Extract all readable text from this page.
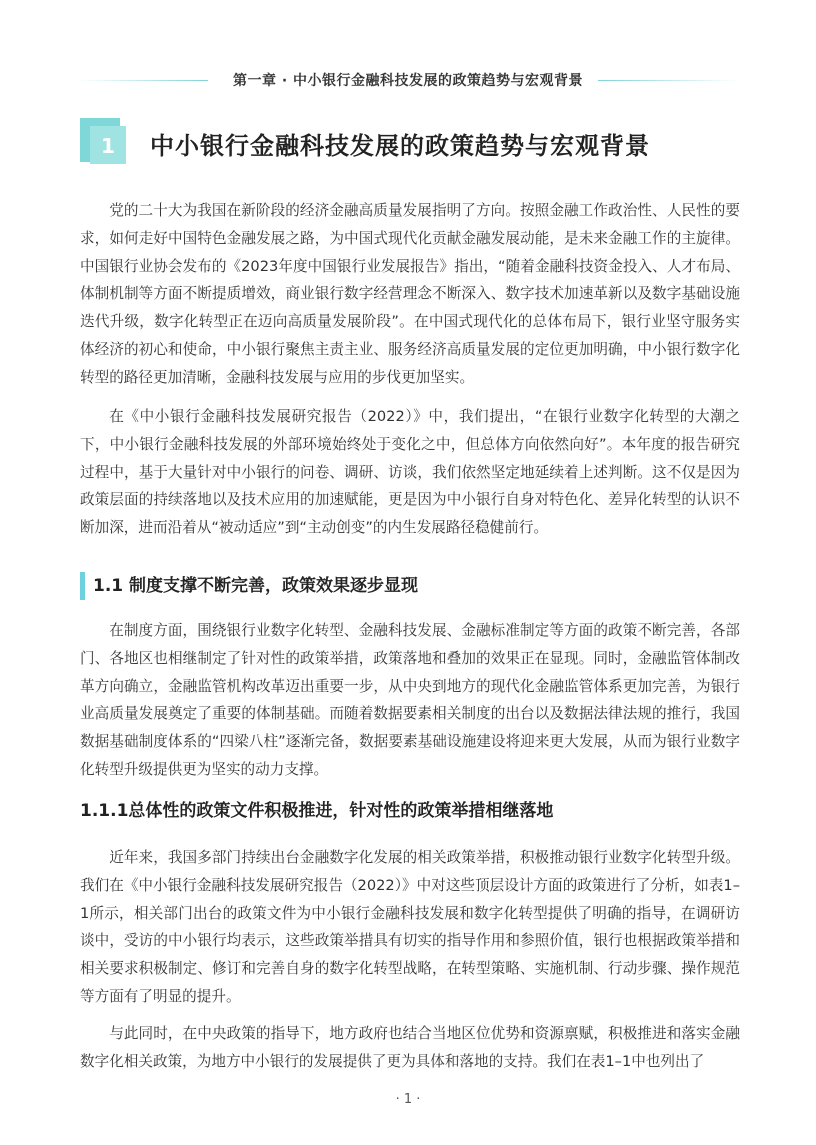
第一章 · 中小银行金融科技发展的政策趋势与宏观背景
1	中小银行金融科技发展的政策趋势与宏观背景

党的二十大为我国在新阶段的经济金融高质量发展指明了方向。按照金融工作政治性、人民性的要求，如何走好中国特色金融发展之路，为中国式现代化贡献金融发展动能，是未来金融工作的主旋律。中国银行业协会发布的《2023年度中国银行业发展报告》指出，“随着金融科技资金投入、人才布局、体制机制等方面不断提质增效，商业银行数字经营理念不断深入、数字技术加速革新以及数字基础设施迭代升级，数字化转型正在迈向高质量发展阶段”。在中国式现代化的总体布局下，银行业坚守服务实体经济的初心和使命，中小银行聚焦主责主业、服务经济高质量发展的定位更加明确，中小银行数字化转型的路径更加清晰，金融科技发展与应用的步伐更加坚实。

在《中小银行金融科技发展研究报告（2022）》中，我们提出，“在银行业数字化转型的大潮之下，中小银行金融科技发展的外部环境始终处于变化之中，但总体方向依然向好”。本年度的报告研究过程中，基于大量针对中小银行的问卷、调研、访谈，我们依然坚定地延续着上述判断。这不仅是因为政策层面的持续落地以及技术应用的加速赋能，更是因为中小银行自身对特色化、差异化转型的认识不断加深，进而沿着从“被动适应”到“主动创变”的内生发展路径稳健前行。

1.1 制度支撑不断完善，政策效果逐步显现

在制度方面，围绕银行业数字化转型、金融科技发展、金融标准制定等方面的政策不断完善，各部门、各地区也相继制定了针对性的政策举措，政策落地和叠加的效果正在显现。同时，金融监管体制改革方向确立，金融监管机构改革迈出重要一步，从中央到地方的现代化金融监管体系更加完善，为银行业高质量发展奠定了重要的体制基础。而随着数据要素相关制度的出台以及数据法律法规的推行，我国数据基础制度体系的“四梁八柱”逐渐完备，数据要素基础设施建设将迎来更大发展，从而为银行业数字化转型升级提供更为坚实的动力支撑。

1.1.1总体性的政策文件积极推进，针对性的政策举措相继落地

近年来，我国多部门持续出台金融数字化发展的相关政策举措，积极推动银行业数字化转型升级。我们在《中小银行金融科技发展研究报告（2022）》中对这些顶层设计方面的政策进行了分析，如表1–1所示，相关部门出台的政策文件为中小银行金融科技发展和数字化转型提供了明确的指导，在调研访谈中，受访的中小银行均表示，这些政策举措具有切实的指导作用和参照价值，银行也根据政策举措和相关要求积极制定、修订和完善自身的数字化转型战略，在转型策略、实施机制、行动步骤、操作规范等方面有了明显的提升。

与此同时，在中央政策的指导下，地方政府也结合当地区位优势和资源禀赋，积极推进和落实金融数字化相关政策，为地方中小银行的发展提供了更为具体和落地的支持。我们在表1–1中也列出了

· 1 ·
